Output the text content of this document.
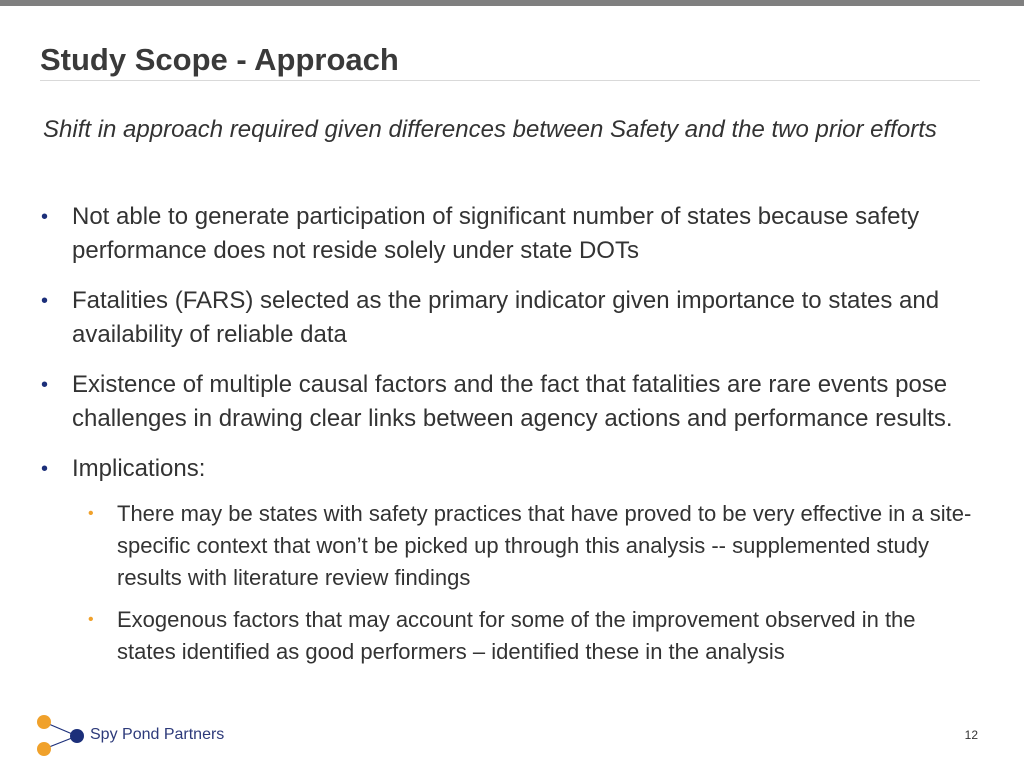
Study Scope - Approach

Shift in approach required given differences between Safety and the two prior efforts

• Not able to generate participation of significant number of states because safety performance does not reside solely under state DOTs
• Fatalities (FARS) selected as the primary indicator given importance to states and availability of reliable data
• Existence of multiple causal factors and the fact that fatalities are rare events pose challenges in drawing clear links between agency actions and performance results.
• Implications:
• There may be states with safety practices that have proved to be very effective in a site-specific context that won’t be picked up through this analysis -- supplemented study results with literature review findings
• Exogenous factors that may account for some of the improvement observed in the states identified as good performers – identified these in the analysis
Spy Pond Partners	12
